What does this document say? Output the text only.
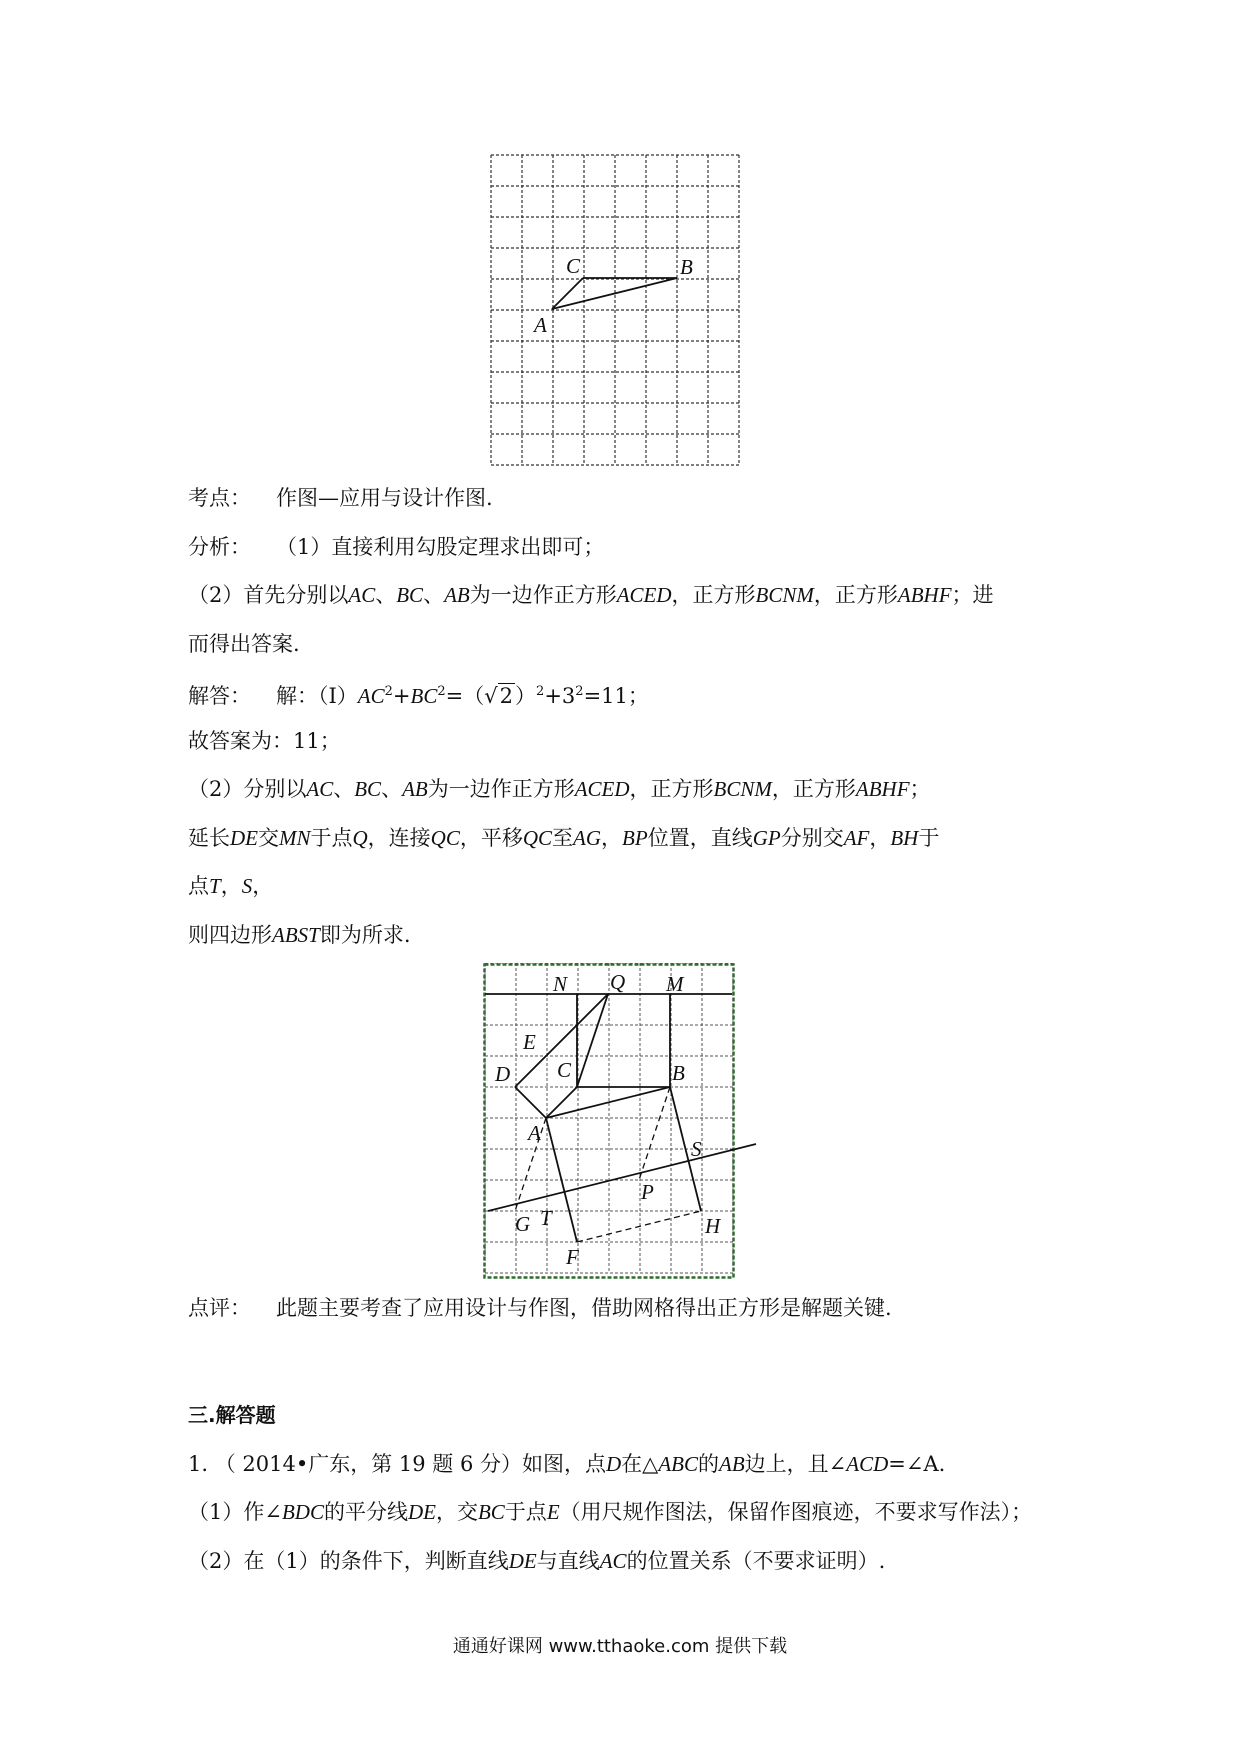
C	B
A
考点： 作图—应用与设计作图.
分析： （1）直接利用勾股定理求出即可；
（2）首先分别以AC、BC、AB为一边作正方形ACED，正方形BCNM，正方形ABHF；进
而得出答案.
解答： 解：$(Ⅰ)AC^2+BC^2=(√2)^2+3^2=11$；
故答案为：11；
（2）分别以AC、BC、AB为一边作正方形ACED，正方形BCNM，正方形ABHF；
延长DE交MN于点Q，连接QC，平移QC至AG，BP位置，直线GP分别交AF，BH于
点T，S，
则四边形ABST即为所求.
N Q M
E
D C	B
A
S
P
G T	H
F
点评： 此题主要考查了应用设计与作图，借助网格得出正方形是解题关键.
三.解答题
1. （ 2014•广东，第 19 题 6 分）如图，点D在△ABC的AB边上，且∠ACD=∠A.
（1）作∠BDC的平分线DE，交BC于点E（用尺规作图法，保留作图痕迹，不要求写作法）；
（2）在（1）的条件下，判断直线DE与直线AC的位置关系（不要求证明）.
通通好课网 www.tthaoke.com 提供下载
